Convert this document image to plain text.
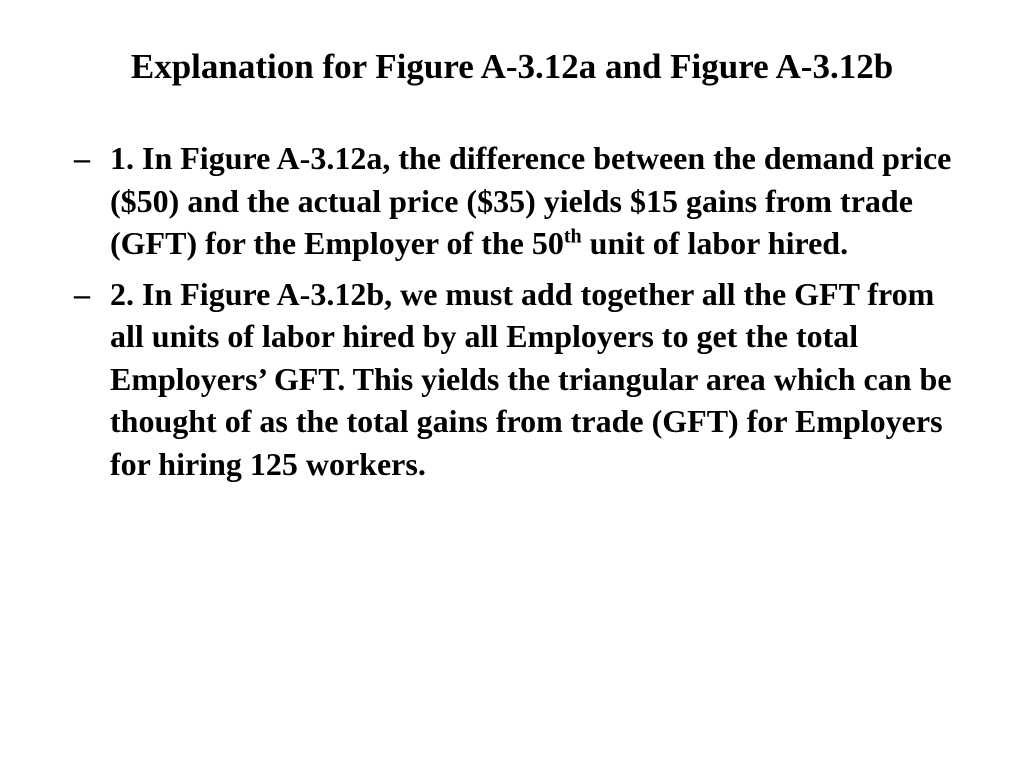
Explanation for Figure A-3.12a and Figure A-3.12b
– 1. In Figure A-3.12a, the difference between the demand price ($50) and the actual price ($35) yields $15 gains from trade (GFT) for the Employer of the 50th unit of labor hired.
– 2. In Figure A-3.12b, we must add together all the GFT from all units of labor hired by all Employers to get the total Employers’ GFT. This yields the triangular area which can be thought of as the total gains from trade (GFT) for Employers for hiring 125 workers.
